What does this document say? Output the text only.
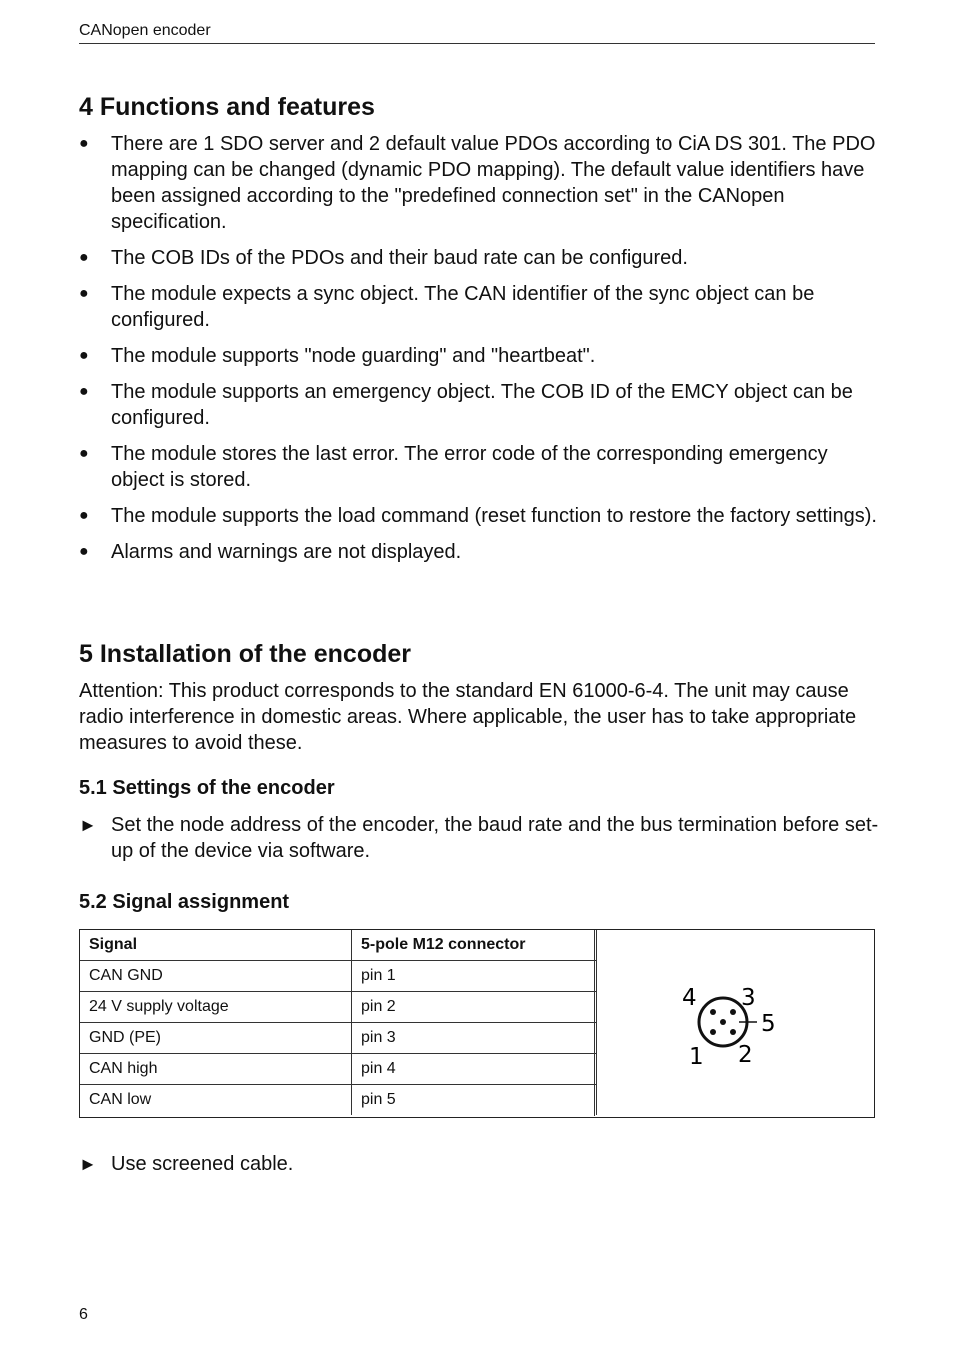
CANopen encoder
4 Functions and features
●	There are 1 SDO server and 2 default value PDOs according to CiA DS 301. The PDO mapping can be changed (dynamic PDO mapping). The default value identifiers have been assigned according to the "predefined connection set" in the CANopen specification.
●	The COB IDs of the PDOs and their baud rate can be configured.
●	The module expects a sync object. The CAN identifier of the sync object can be configured.
●	The module supports "node guarding" and "heartbeat".
●	The module supports an emergency object. The COB ID of the EMCY object can be configured.
●	The module stores the last error. The error code of the corresponding emergency object is stored.
●	The module supports the load command (reset function to restore the factory settings).
●	Alarms and warnings are not displayed.
5 Installation of the encoder

Attention: This product corresponds to the standard EN 61000-6-4. The unit may cause radio interference in domestic areas. Where applicable, the user has to take appropriate measures to avoid these.

5.1 Settings of the encoder
► Set the node address of the encoder, the baud rate and the bus termination before set-up of the device via software.
5.2 Signal assignment
Signal	5-pole M12 connector
CAN GND	pin 1
24 V supply voltage	pin 2
GND (PE)	pin 3
CAN high	pin 4
CAN low	pin 5
4 3
5
1 2
► Use screened cable.
6
